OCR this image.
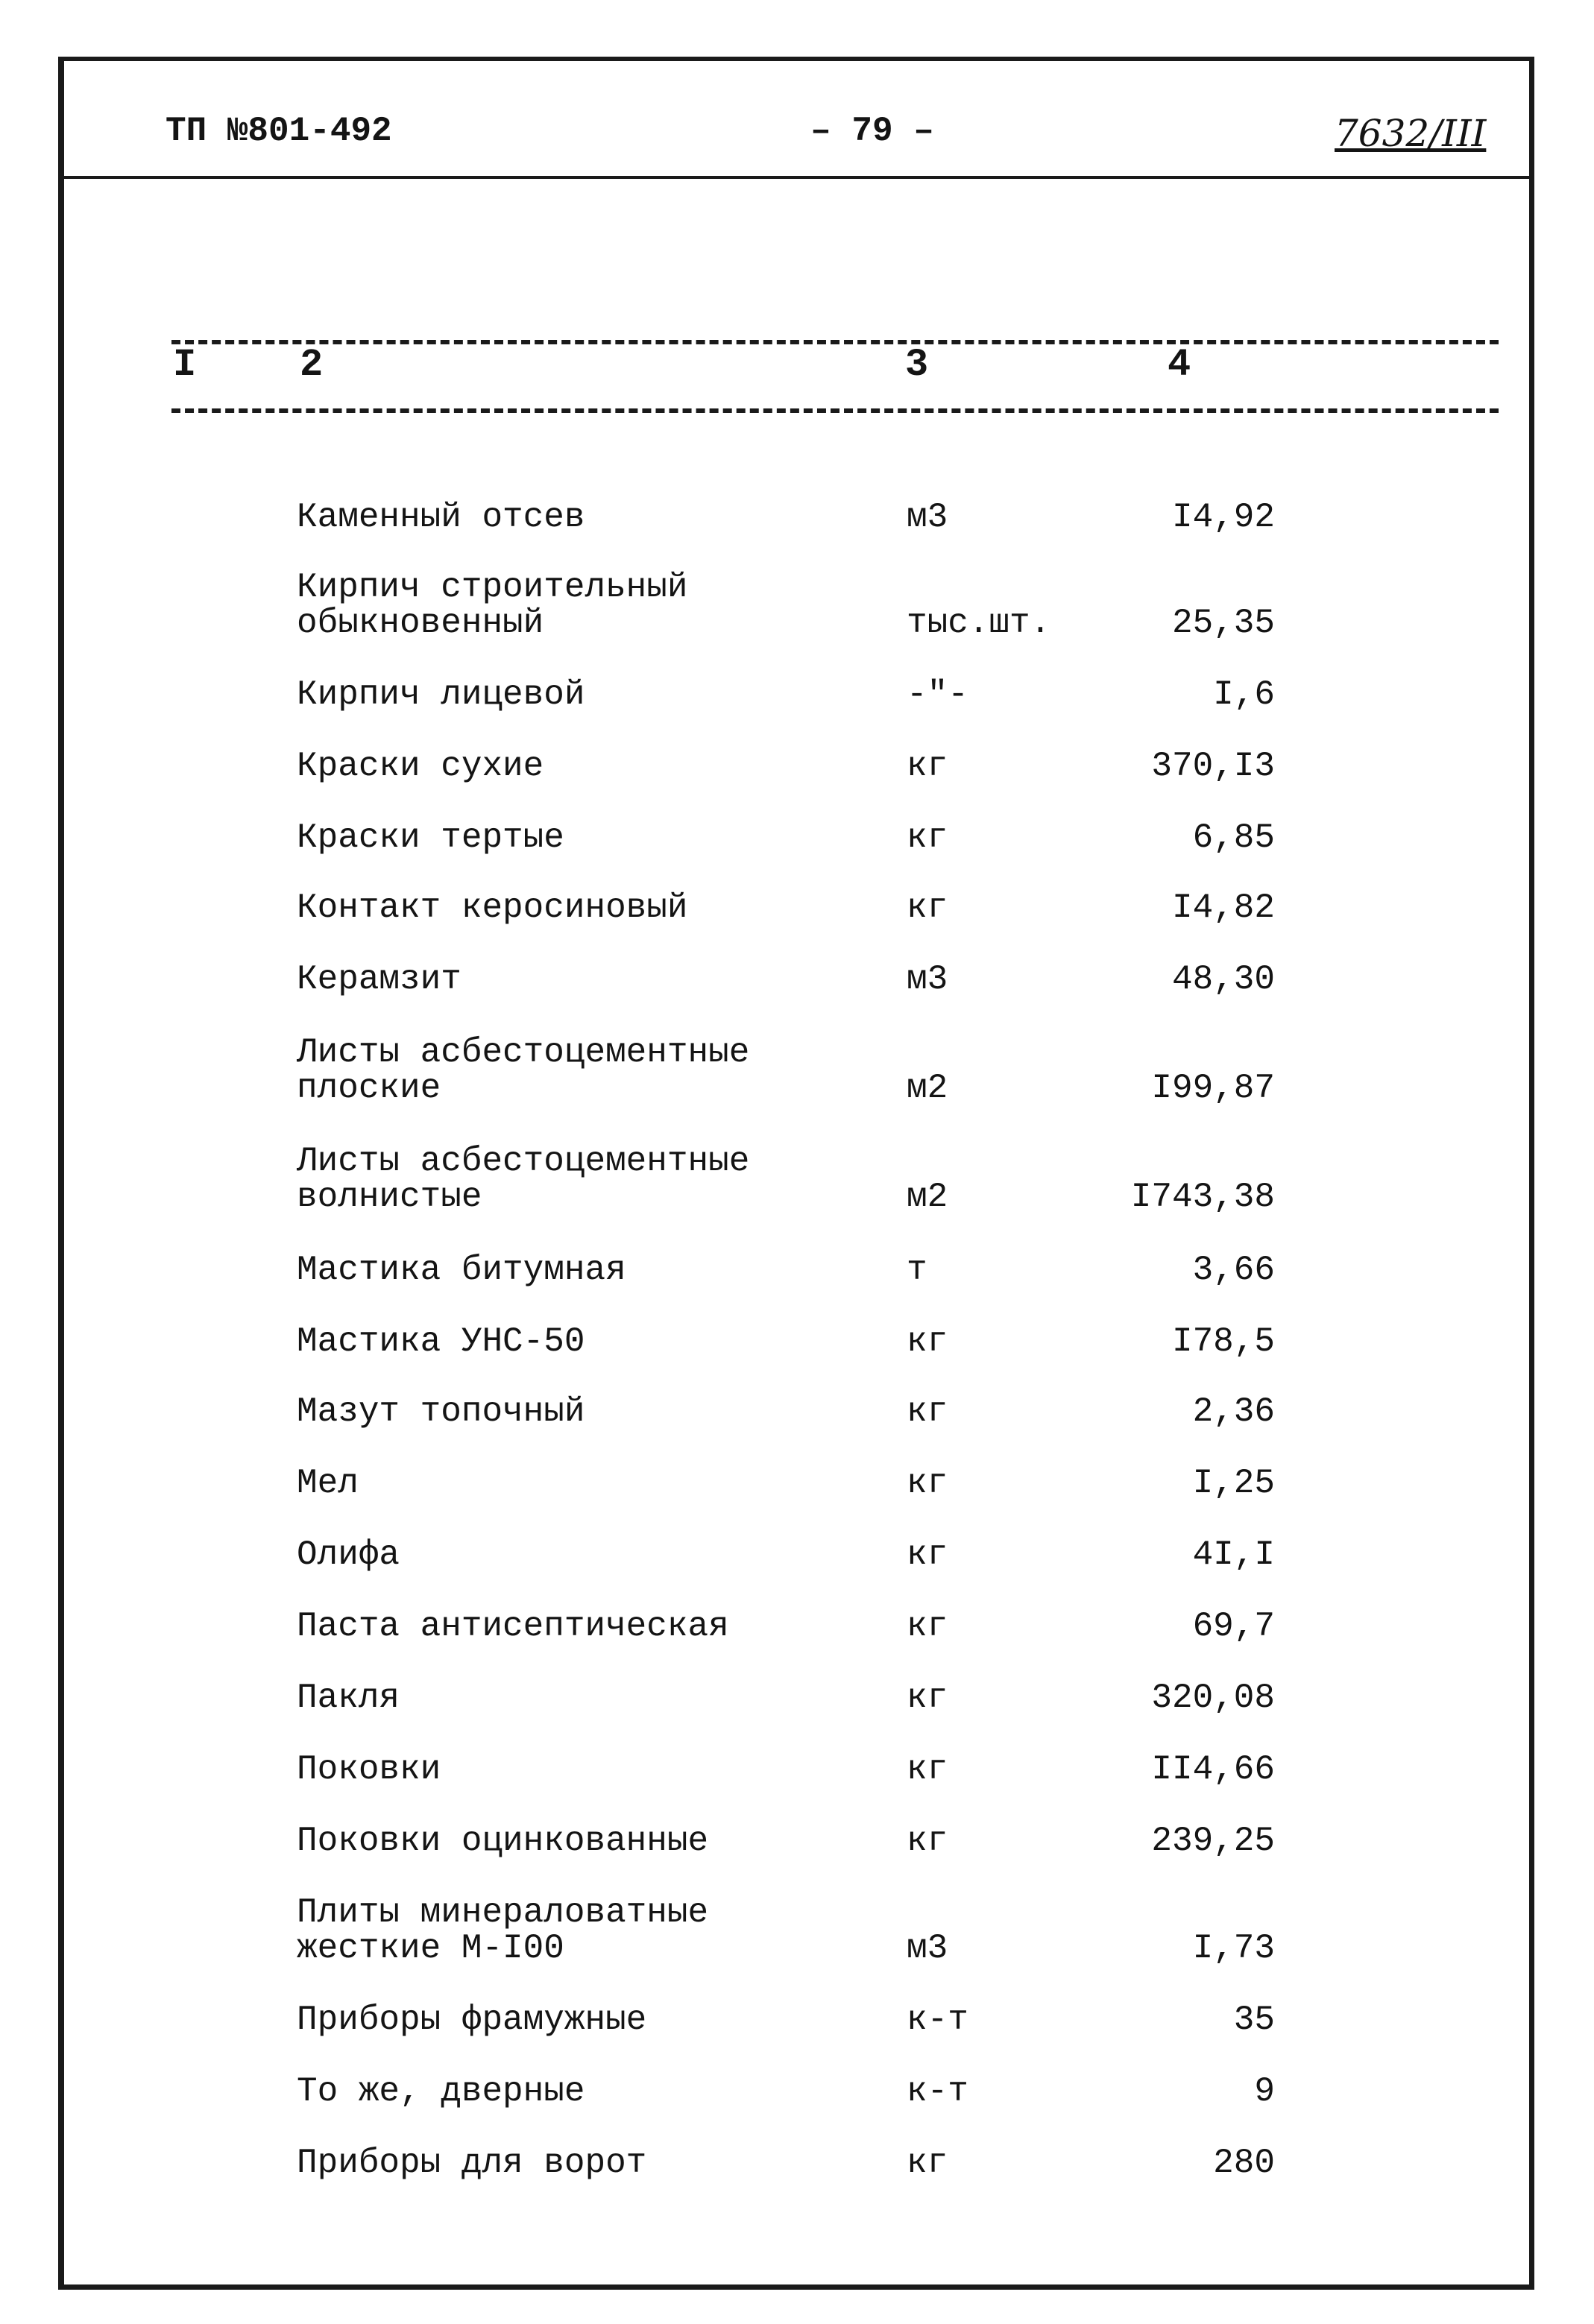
ТП №801-492	– 79 –	7632/III
I	2	3	4
Каменный отсев	м3	I4,92
Кирпич строительный
обыкновенный	тыс.шт.	25,35
Кирпич лицевой	-"-	I,6
Краски сухие	кг	370,I3
Краски тертые	кг	6,85
Контакт керосиновый	кг	I4,82
Керамзит	м3	48,30
Листы асбестоцементные
плоские	м2	I99,87
Листы асбестоцементные
волнистые	м2	I743,38
Мастика битумная	т	3,66
Мастика УНС-50	кг	I78,5
Мазут топочный	кг	2,36
Мел	кг	I,25
Олифа	кг	4I,I
Паста антисептическая	кг	69,7
Пакля	кг	320,08
Поковки	кг	II4,66
Поковки оцинкованные	кг	239,25
Плиты минераловатные
жесткие М-I00	м3	I,73
Приборы фрамужные	к-т	35
То же, дверные	к-т	9
Приборы для ворот	кг	280
